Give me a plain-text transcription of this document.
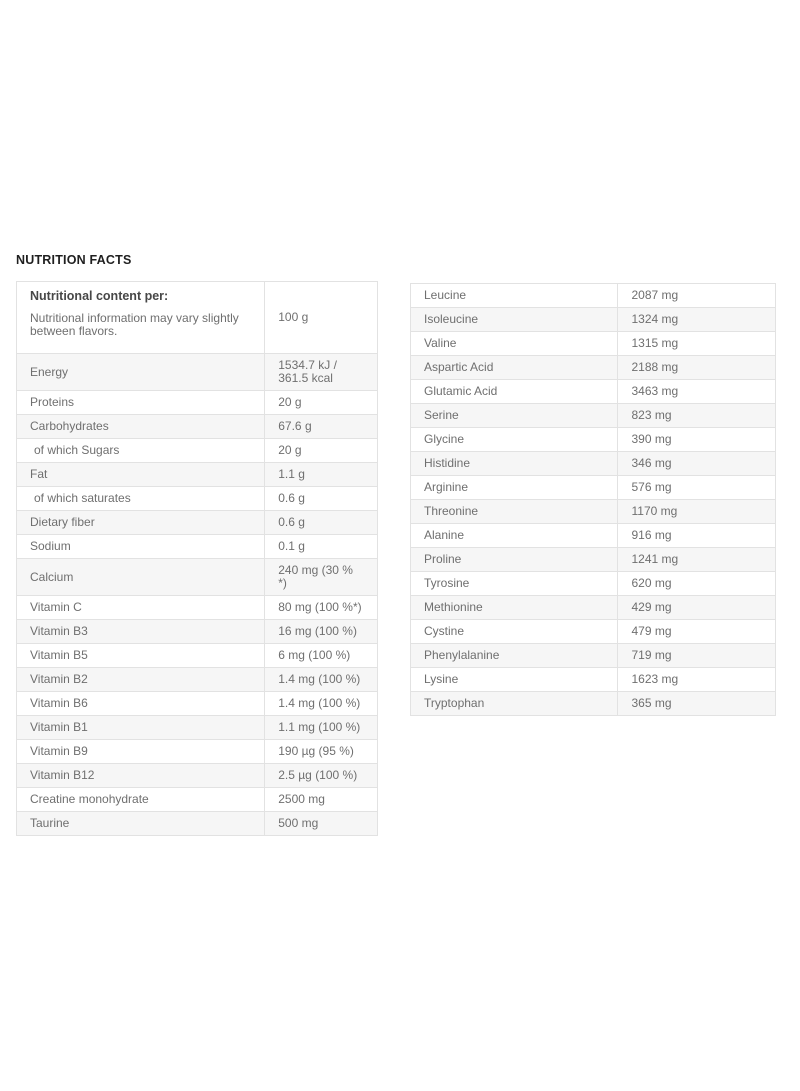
NUTRITION FACTS
Nutritional content per:
Nutritional information may vary slightly between flavors.	100 g
Energy	1534.7 kJ / 361.5 kcal
Proteins	20 g
Carbohydrates	67.6 g
of which Sugars	20 g
Fat	1.1 g
of which saturates	0.6 g
Dietary fiber	0.6 g
Sodium	0.1 g
Calcium	240 mg (30 % *)
Vitamin C	80 mg (100 %*)
Vitamin B3	16 mg (100 %)
Vitamin B5	6 mg (100 %)
Vitamin B2	1.4 mg (100 %)
Vitamin B6	1.4 mg (100 %)
Vitamin B1	1.1 mg (100 %)
Vitamin B9	190 µg (95 %)
Vitamin B12	2.5 µg (100 %)
Creatine monohydrate	2500 mg
Taurine	500 mg
Leucine	2087 mg
Isoleucine	1324 mg
Valine	1315 mg
Aspartic Acid	2188 mg
Glutamic Acid	3463 mg
Serine	823 mg
Glycine	390 mg
Histidine	346 mg
Arginine	576 mg
Threonine	1170 mg
Alanine	916 mg
Proline	1241 mg
Tyrosine	620 mg
Methionine	429 mg
Cystine	479 mg
Phenylalanine	719 mg
Lysine	1623 mg
Tryptophan	365 mg
